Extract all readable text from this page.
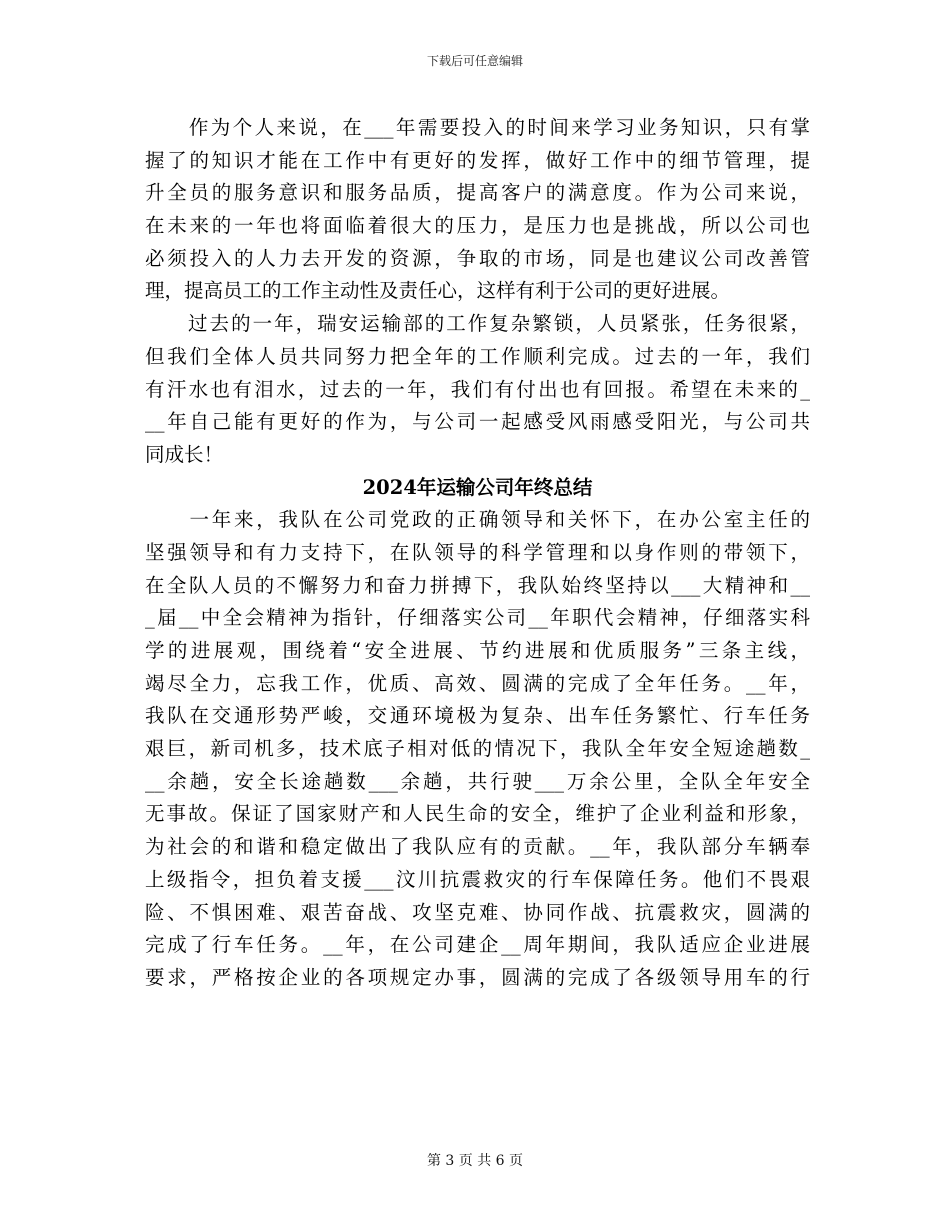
下载后可任意编辑
　　作为个人来说，在___年需要投入的时间来学习业务知识，只有掌
握了的知识才能在工作中有更好的发挥，做好工作中的细节管理，提
升全员的服务意识和服务品质，提高客户的满意度。作为公司来说，
在未来的一年也将面临着很大的压力，是压力也是挑战，所以公司也
必须投入的人力去开发的资源，争取的市场，同是也建议公司改善管
理，提高员工的工作主动性及责任心，这样有利于公司的更好进展。
　　过去的一年，瑞安运输部的工作复杂繁锁，人员紧张，任务很紧，
但我们全体人员共同努力把全年的工作顺利完成。过去的一年，我们
有汗水也有泪水，过去的一年，我们有付出也有回报。希望在未来的_
__年自己能有更好的作为，与公司一起感受风雨感受阳光，与公司共
同成长！
2024年运输公司年终总结
　　一年来，我队在公司党政的正确领导和关怀下，在办公室主任的
坚强领导和有力支持下，在队领导的科学管理和以身作则的带领下，
在全队人员的不懈努力和奋力拼搏下，我队始终坚持以___大精神和__
_届__中全会精神为指针，仔细落实公司__年职代会精神，仔细落实科
学的进展观，围绕着“安全进展、节约进展和优质服务”三条主线，
竭尽全力，忘我工作，优质、高效、圆满的完成了全年任务。__年，
我队在交通形势严峻，交通环境极为复杂、出车任务繁忙、行车任务
艰巨，新司机多，技术底子相对低的情况下，我队全年安全短途趟数_
__余趟，安全长途趟数___余趟，共行驶___万余公里，全队全年安全
无事故。保证了国家财产和人民生命的安全，维护了企业利益和形象，
为社会的和谐和稳定做出了我队应有的贡献。__年，我队部分车辆奉
上级指令，担负着支援___汶川抗震救灾的行车保障任务。他们不畏艰
险、不惧困难、艰苦奋战、攻坚克难、协同作战、抗震救灾，圆满的
完成了行车任务。__年，在公司建企__周年期间，我队适应企业进展
要求，严格按企业的各项规定办事，圆满的完成了各级领导用车的行
第 3 页 共 6 页
